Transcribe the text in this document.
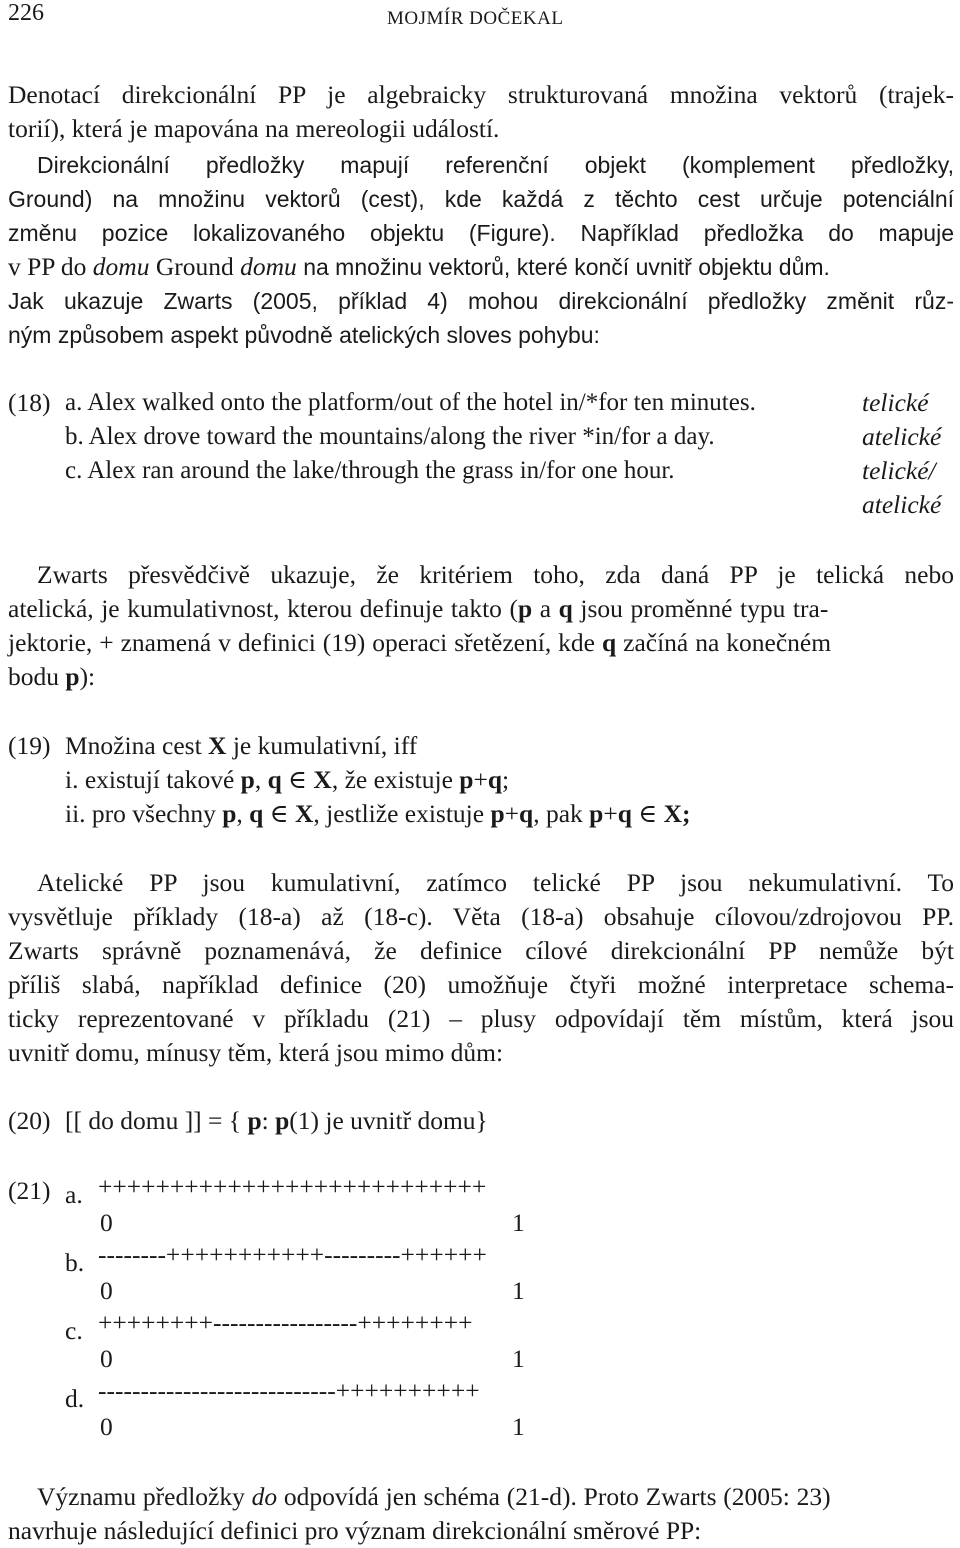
226	MOJMÍR DOČEKAL
Denotací direkcionální PP je algebraicky strukturovaná množina vektorů (trajek-
torií), která je mapována na mereologii událostí.
Direkcionální předložky mapují referenční objekt (komplement předložky,
Ground) na množinu vektorů (cest), kde každá z těchto cest určuje potenciální
změnu pozice lokalizovaného objektu (Figure). Například předložka do mapuje
v PP do domu Ground domu na množinu vektorů, které končí uvnitř objektu dům.
Jak ukazuje Zwarts (2005, příklad 4) mohou direkcionální předložky změnit růz-
ným způsobem aspekt původně atelických sloves pohybu:
(18) a. Alex walked onto the platform/out of the hotel in/*for ten minutes.	telické
b. Alex drove toward the mountains/along the river *in/for a day.	atelické
c. Alex ran around the lake/through the grass in/for one hour.	telické/
atelické
Zwarts přesvědčivě ukazuje, že kritériem toho, zda daná PP je telická nebo
atelická, je kumulativnost, kterou definuje takto (p a q jsou proměnné typu tra-
jektorie, + znamená v definici (19) operaci sřetězení, kde q začíná na konečném
bodu p):
(19) Množina cest X je kumulativní, iff
i. existují takové p, q ∈ X, že existuje p+q;
ii. pro všechny p, q ∈ X, jestliže existuje p+q, pak p+q ∈ X;
Atelické PP jsou kumulativní, zatímco telické PP jsou nekumulativní. To
vysvětluje příklady (18-a) až (18-c). Věta (18-a) obsahuje cílovou/zdrojovou PP.
Zwarts správně poznamenává, že definice cílové direkcionální PP nemůže být
příliš slabá, například definice (20) umožňuje čtyři možné interpretace schema-
ticky reprezentované v příkladu (21) – plusy odpovídají těm místům, která jsou
uvnitř domu, mínusy těm, která jsou mimo dům:
(20) [[ do domu ]] = { p: p(1) je uvnitř domu}
(21) a. +++++++++++++++++++++++++++
0	1
b. --------+++++++++++---------++++++
0	1
c. ++++++++-----------------++++++++
0	1
d. ----------------------------++++++++++
0	1
Významu předložky do odpovídá jen schéma (21-d). Proto Zwarts (2005: 23)
navrhuje následující definici pro význam direkcionální směrové PP:
